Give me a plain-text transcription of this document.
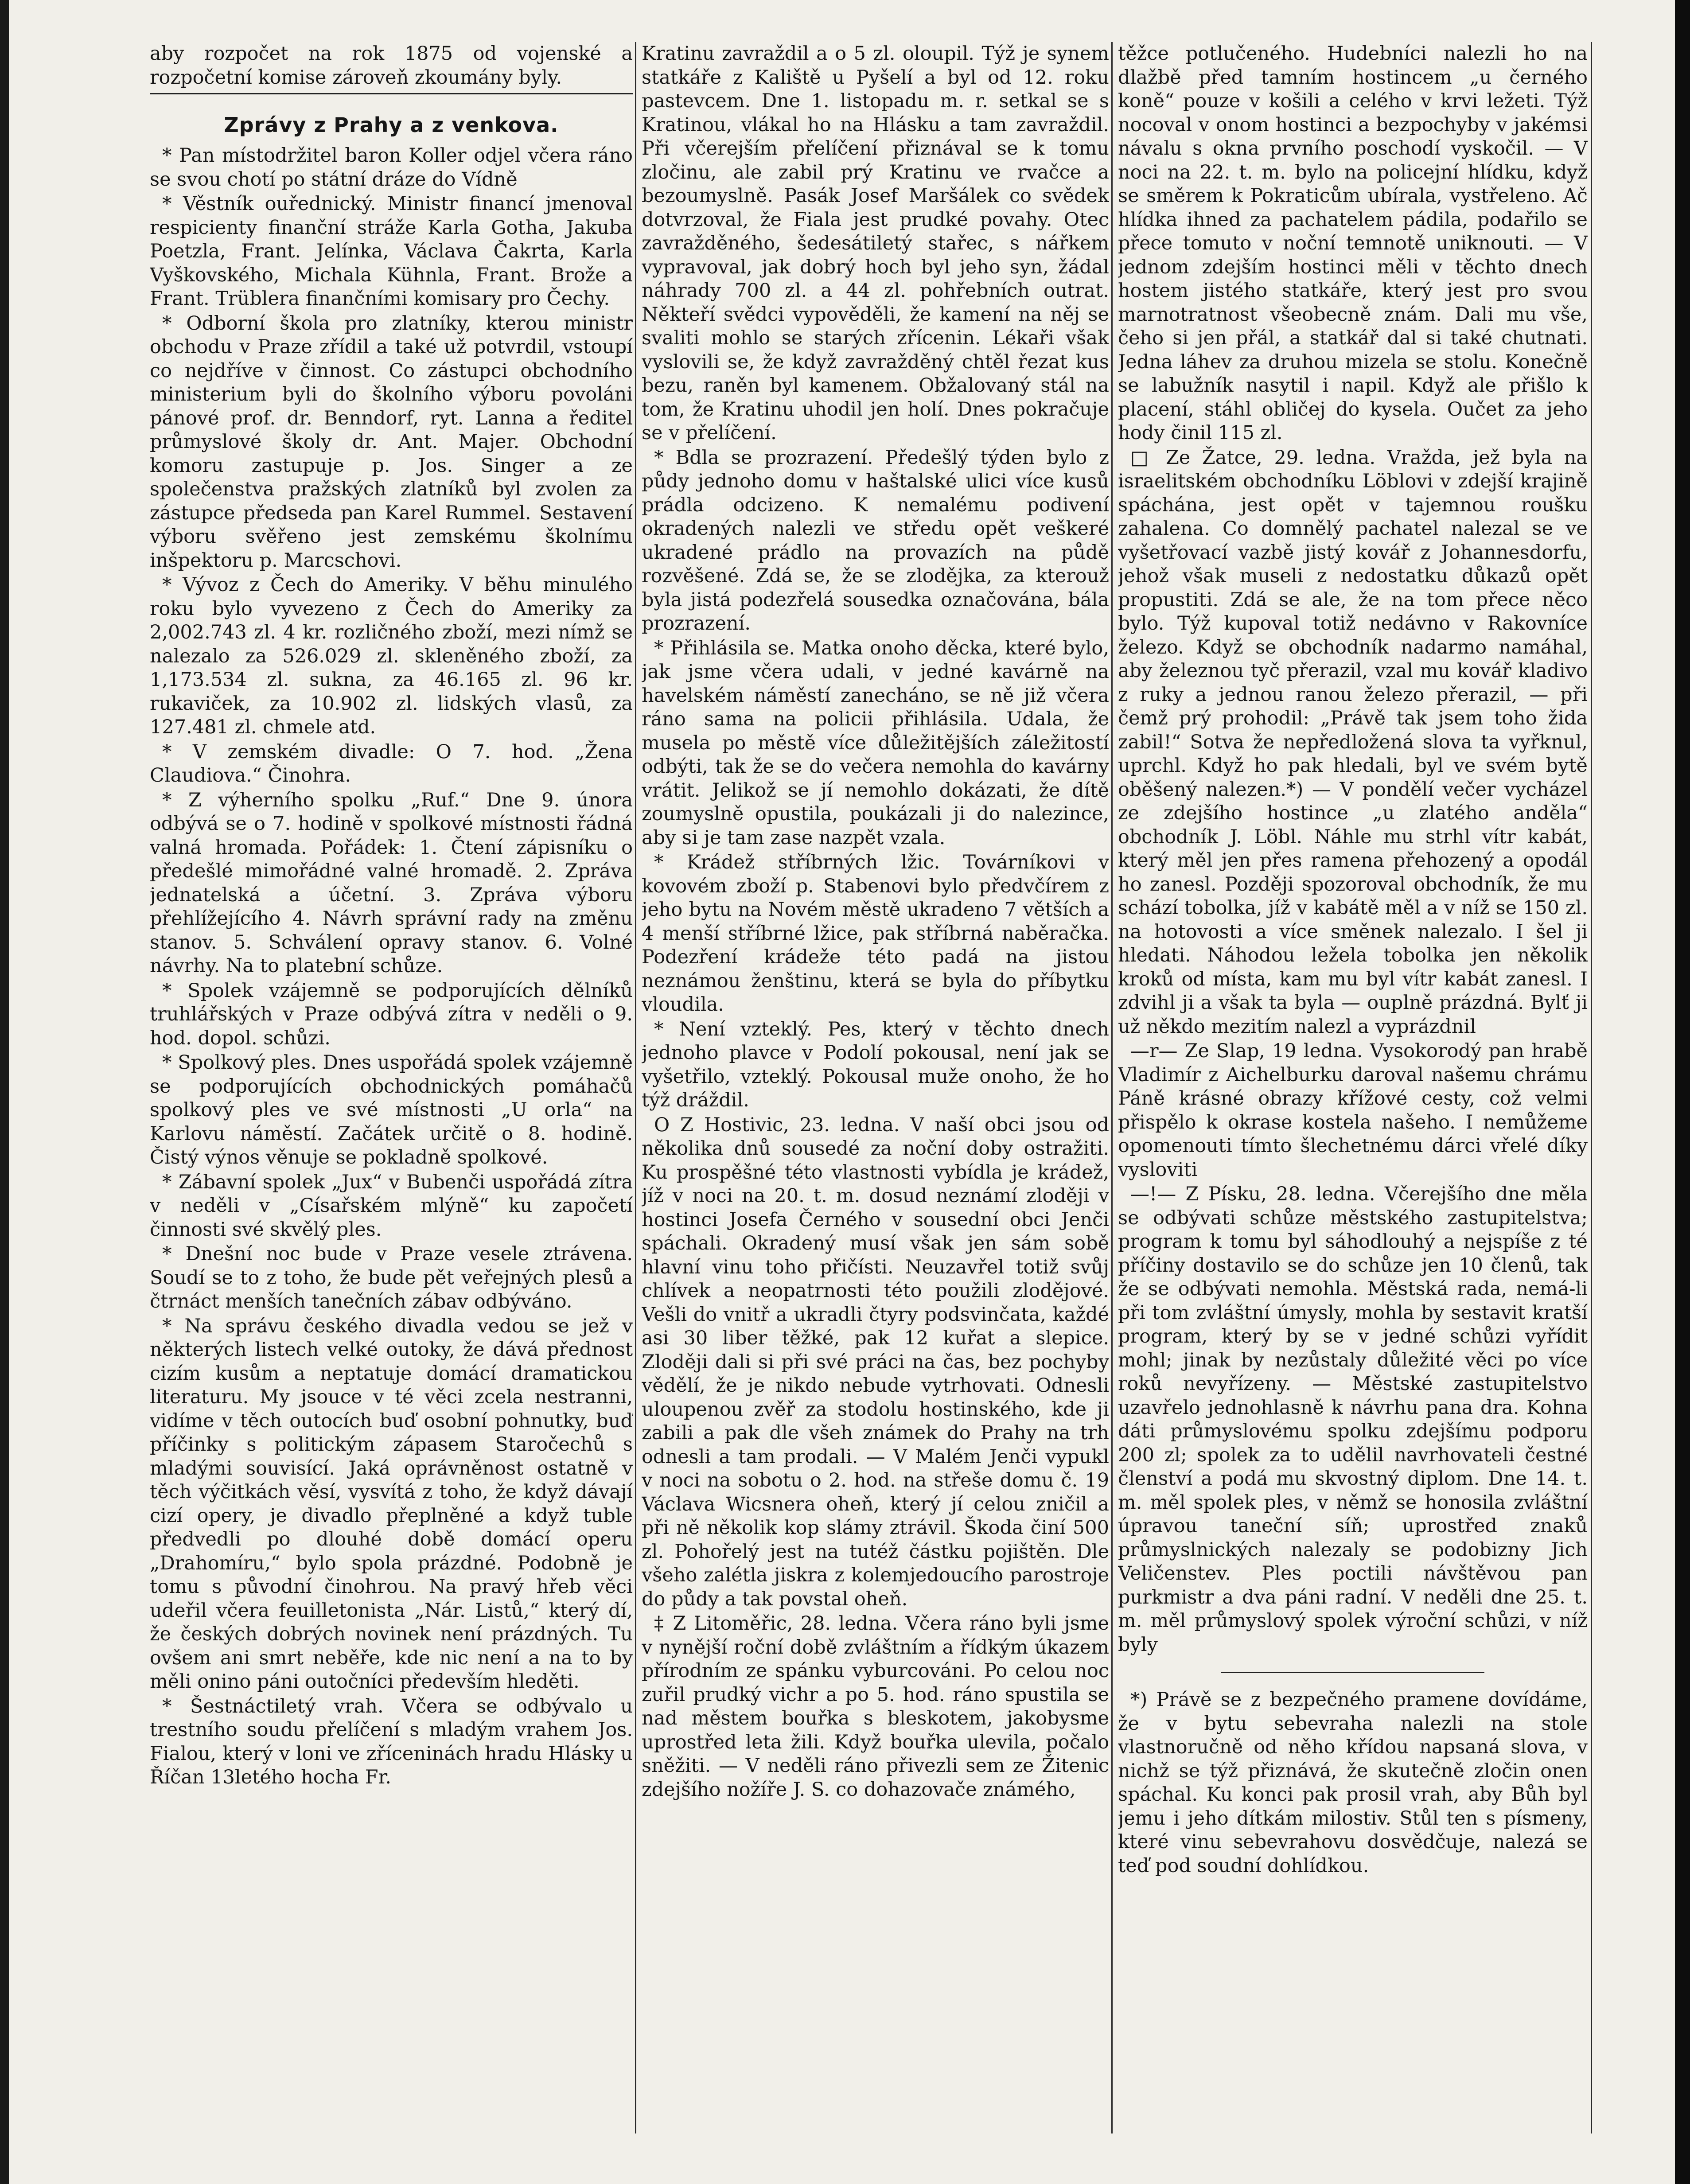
aby rozpočet na rok 1875 od vojenské a rozpočetní komise zároveň zkoumány byly.

Zprávy z Prahy a z venkova.

* Pan místodržitel baron Koller odjel včera ráno se svou chotí po státní dráze do Vídně

* Věstník ouřednický. Ministr financí jmenoval respicienty finanční stráže Karla Gotha, Jakuba Poetzla, Frant. Jelínka, Václava Čakrta, Karla Vyškovského, Michala Kühnla, Frant. Brože a Frant. Trüblera finančními komisary pro Čechy.

* Odborní škola pro zlatníky, kterou ministr obchodu v Praze zřídil a také už potvrdil, vstoupí co nejdříve v činnost. Co zástupci obchodního ministerium byli do školního výboru povoláni pánové prof. dr. Benndorf, ryt. Lanna a ředitel průmyslové školy dr. Ant. Majer. Obchodní komoru zastupuje p. Jos. Singer a ze společenstva pražských zlatníků byl zvolen za zástupce předseda pan Karel Rummel. Sestavení výboru svěřeno jest zemskému školnímu inšpektoru p. Marcschovi.

* Vývoz z Čech do Ameriky. V běhu minulého roku bylo vyvezeno z Čech do Ameriky za 2,002.743 zl. 4 kr. rozličného zboží, mezi nímž se nalezalo za 526.029 zl. skleněného zboží, za 1,173.534 zl. sukna, za 46.165 zl. 96 kr. rukaviček, za 10.902 zl. lidských vlasů, za 127.481 zl. chmele atd.

* V zemském divadle: O 7. hod. „Žena Claudiova.“ Činohra.

* Z výherního spolku „Ruf.“ Dne 9. února odbývá se o 7. hodině v spolkové místnosti řádná valná hromada. Pořádek: 1. Čtení zápisníku o předešlé mimořádné valné hromadě. 2. Zpráva jednatelská a účetní. 3. Zpráva výboru přehlížejícího 4. Návrh správní rady na změnu stanov. 5. Schválení opravy stanov. 6. Volné návrhy. Na to platební schůze.

* Spolek vzájemně se podporujících dělníků truhlářských v Praze odbývá zítra v neděli o 9. hod. dopol. schůzi.

* Spolkový ples. Dnes uspořádá spolek vzájemně se podporujících obchodnických pomáhačů spolkový ples ve své místnosti „U orla“ na Karlovu náměstí. Začátek určitě o 8. hodině. Čistý výnos věnuje se pokladně spolkové.

* Zábavní spolek „Jux“ v Bubenči uspořádá zítra v neděli v „Císařském mlýně“ ku započetí činnosti své skvělý ples.

* Dnešní noc bude v Praze vesele ztrávena. Soudí se to z toho, že bude pět veřejných plesů a čtrnáct menších tanečních zábav odbýváno.

* Na správu českého divadla vedou se jež v některých listech velké outoky, že dává přednost cizím kusům a neptatuje domácí dramatickou literaturu. My jsouce v té věci zcela nestranni, vidíme v těch outocích buď osobní pohnutky, buď příčinky s politickým zápasem Staročechů s mladými souvisící. Jaká oprávněnost ostatně v těch výčitkách věsí, vysvítá z toho, že když dávají cizí opery, je divadlo přeplněné a když tuble předvedli po dlouhé době domácí operu „Drahomíru,“ bylo spola prázdné. Podobně je tomu s původní činohrou. Na pravý hřeb věci udeřil včera feuilletonista „Nár. Listů,“ který dí, že českých dobrých novinek není prázdných. Tu ovšem ani smrt neběře, kde nic není a na to by měli onino páni outočníci především hleděti.

* Šestnáctiletý vrah. Včera se odbývalo u trestního soudu přelíčení s mladým vrahem Jos. Fialou, který v loni ve zříceninách hradu Hlásky u Říčan 13letého hocha Fr.

Kratinu zavraždil a o 5 zl. oloupil. Týž je synem statkáře z Kaliště u Pyšelí a byl od 12. roku pastevcem. Dne 1. listopadu m. r. setkal se s Kratinou, vlákal ho na Hlásku a tam zavraždil. Při včerejším přelíčení přiznával se k tomu zločinu, ale zabil prý Kratinu ve rvačce a bezoumyslně. Pasák Josef Maršálek co svědek dotvrzoval, že Fiala jest prudké povahy. Otec zavražděného, šedesátiletý stařec, s nářkem vypravoval, jak dobrý hoch byl jeho syn, žádal náhrady 700 zl. a 44 zl. pohřebních outrat. Někteří svědci vypověděli, že kamení na něj se svaliti mohlo se starých zřícenin. Lékaři však vyslovili se, že když zavražděný chtěl řezat kus bezu, raněn byl kamenem. Obžalovaný stál na tom, že Kratinu uhodil jen holí. Dnes pokračuje se v přelíčení.

* Bdla se prozrazení. Předešlý týden bylo z půdy jednoho domu v haštalské ulici více kusů prádla odcizeno. K nemalému podivení okradených nalezli ve středu opět veškeré ukradené prádlo na provazích na půdě rozvěšené. Zdá se, že se zlodějka, za kterouž byla jistá podezřelá sousedka označována, bála prozrazení.

* Přihlásila se. Matka onoho děcka, které bylo, jak jsme včera udali, v jedné kavárně na havelském náměstí zanecháno, se ně již včera ráno sama na policii přihlásila. Udala, že musela po městě více důležitějších záležitostí odbýti, tak že se do večera nemohla do kavárny vrátit. Jelikož se jí nemohlo dokázati, že dítě zoumyslně opustila, poukázali ji do nalezince, aby si je tam zase nazpět vzala.

* Krádež stříbrných lžic. Továrníkovi v kovovém zboží p. Stabenovi bylo předvčírem z jeho bytu na Novém městě ukradeno 7 větších a 4 menší stříbrné lžice, pak stříbrná naběračka. Podezření krádeže této padá na jistou neznámou ženštinu, která se byla do příbytku vloudila.

* Není vzteklý. Pes, který v těchto dnech jednoho plavce v Podolí pokousal, není jak se vyšetřilo, vzteklý. Pokousal muže onoho, že ho týž dráždil.

O Z Hostivic, 23. ledna. V naší obci jsou od několika dnů sousedé za noční doby ostražiti. Ku prospěšné této vlastnosti vybídla je krádež, jíž v noci na 20. t. m. dosud neznámí zloději v hostinci Josefa Černého v sousední obci Jenči spáchali. Okradený musí však jen sám sobě hlavní vinu toho přičísti. Neuzavřel totiž svůj chlívek a neopatrnosti této použili zlodějové. Vešli do vnitř a ukradli čtyry podsvinčata, každé asi 30 liber těžké, pak 12 kuřat a slepice. Zloději dali si při své práci na čas, bez pochyby vědělí, že je nikdo nebude vytrhovati. Odnesli uloupenou zvěř za stodolu hostinského, kde ji zabili a pak dle všeh známek do Prahy na trh odnesli a tam prodali. — V Malém Jenči vypukl v noci na sobotu o 2. hod. na střeše domu č. 19 Václava Wicsnera oheň, který jí celou zničil a při ně několik kop slámy ztrávil. Škoda činí 500 zl. Pohořelý jest na tutéž částku pojištěn. Dle všeho zalétla jiskra z kolemjedoucího parostroje do půdy a tak povstal oheň.

‡ Z Litoměřic, 28. ledna. Včera ráno byli jsme v nynější roční době zvláštním a řídkým úkazem přírodním ze spánku vyburcováni. Po celou noc zuřil prudký vichr a po 5. hod. ráno spustila se nad městem bouřka s bleskotem, jakobysme uprostřed leta žili. Když bouřka ulevila, počalo sněžiti. — V neděli ráno přivezli sem ze Žitenic zdejšího nožíře J. S. co dohazovače známého,

těžce potlučeného. Hudebníci nalezli ho na dlažbě před tamním hostincem „u černého koně“ pouze v košili a celého v krvi ležeti. Týž nocoval v onom hostinci a bezpochyby v jakémsi návalu s okna prvního poschodí vyskočil. — V noci na 22. t. m. bylo na policejní hlídku, když se směrem k Pokraticům ubírala, vystřeleno. Ač hlídka ihned za pachatelem pádila, podařilo se přece tomuto v noční temnotě uniknouti. — V jednom zdejším hostinci měli v těchto dnech hostem jistého statkáře, který jest pro svou marnotratnost všeobecně znám. Dali mu vše, čeho si jen přál, a statkář dal si také chutnati. Jedna láhev za druhou mizela se stolu. Konečně se labužník nasytil i napil. Když ale přišlo k placení, stáhl obličej do kysela. Oučet za jeho hody činil 115 zl.

□ Ze Žatce, 29. ledna. Vražda, jež byla na israelitském obchodníku Löblovi v zdejší krajině spáchána, jest opět v tajemnou roušku zahalena. Co domnělý pachatel nalezal se ve vyšetřovací vazbě jistý kovář z Johannesdorfu, jehož však museli z nedostatku důkazů opět propustiti. Zdá se ale, že na tom přece něco bylo. Týž kupoval totiž nedávno v Rakovníce železo. Když se obchodník nadarmo namáhal, aby železnou tyč přerazil, vzal mu kovář kladivo z ruky a jednou ranou železo přerazil, — při čemž prý prohodil: „Právě tak jsem toho žida zabil!“ Sotva že nepředložená slova ta vyřknul, uprchl. Když ho pak hledali, byl ve svém bytě oběšený nalezen.*) — V pondělí večer vycházel ze zdejšího hostince „u zlatého anděla“ obchodník J. Löbl. Náhle mu strhl vítr kabát, který měl jen přes ramena přehozený a opodál ho zanesl. Později spozoroval obchodník, že mu schází tobolka, jíž v kabátě měl a v níž se 150 zl. na hotovosti a více směnek nalezalo. I šel ji hledati. Náhodou ležela tobolka jen několik kroků od místa, kam mu byl vítr kabát zanesl. I zdvihl ji a však ta byla — ouplně prázdná. Bylť ji už někdo mezitím nalezl a vyprázdnil

—r— Ze Slap, 19 ledna. Vysokorodý pan hrabě Vladimír z Aichelburku daroval našemu chrámu Páně krásné obrazy křížové cesty, což velmi přispělo k okrase kostela našeho. I nemůžeme opomenouti tímto šlechetnému dárci vřelé díky vysloviti

—!— Z Písku, 28. ledna. Včerejšího dne měla se odbývati schůze městského zastupitelstva; program k tomu byl sáhodlouhý a nejspíše z té příčiny dostavilo se do schůze jen 10 členů, tak že se odbývati nemohla. Městská rada, nemá-li při tom zvláštní úmysly, mohla by sestavit kratší program, který by se v jedné schůzi vyřídit mohl; jinak by nezůstaly důležité věci po více roků nevyřízeny. — Městské zastupitelstvo uzavřelo jednohlasně k návrhu pana dra. Kohna dáti průmyslovému spolku zdejšímu podporu 200 zl; spolek za to udělil navrhovateli čestné členství a podá mu skvostný diplom. Dne 14. t. m. měl spolek ples, v němž se honosila zvláštní úpravou taneční síň; uprostřed znaků průmyslnických nalezaly se podobizny Jich Veličenstev. Ples poctili návštěvou pan purkmistr a dva páni radní. V neděli dne 25. t. m. měl průmyslový spolek výroční schůzi, v níž byly

*) Právě se z bezpečného pramene dovídáme, že v bytu sebevraha nalezli na stole vlastnoručně od něho křídou napsaná slova, v nichž se týž přiznává, že skutečně zločin onen spáchal. Ku konci pak prosil vrah, aby Bůh byl jemu i jeho dítkám milostiv. Stůl ten s písmeny, které vinu sebevrahovu dosvědčuje, nalezá se teď pod soudní dohlídkou.
